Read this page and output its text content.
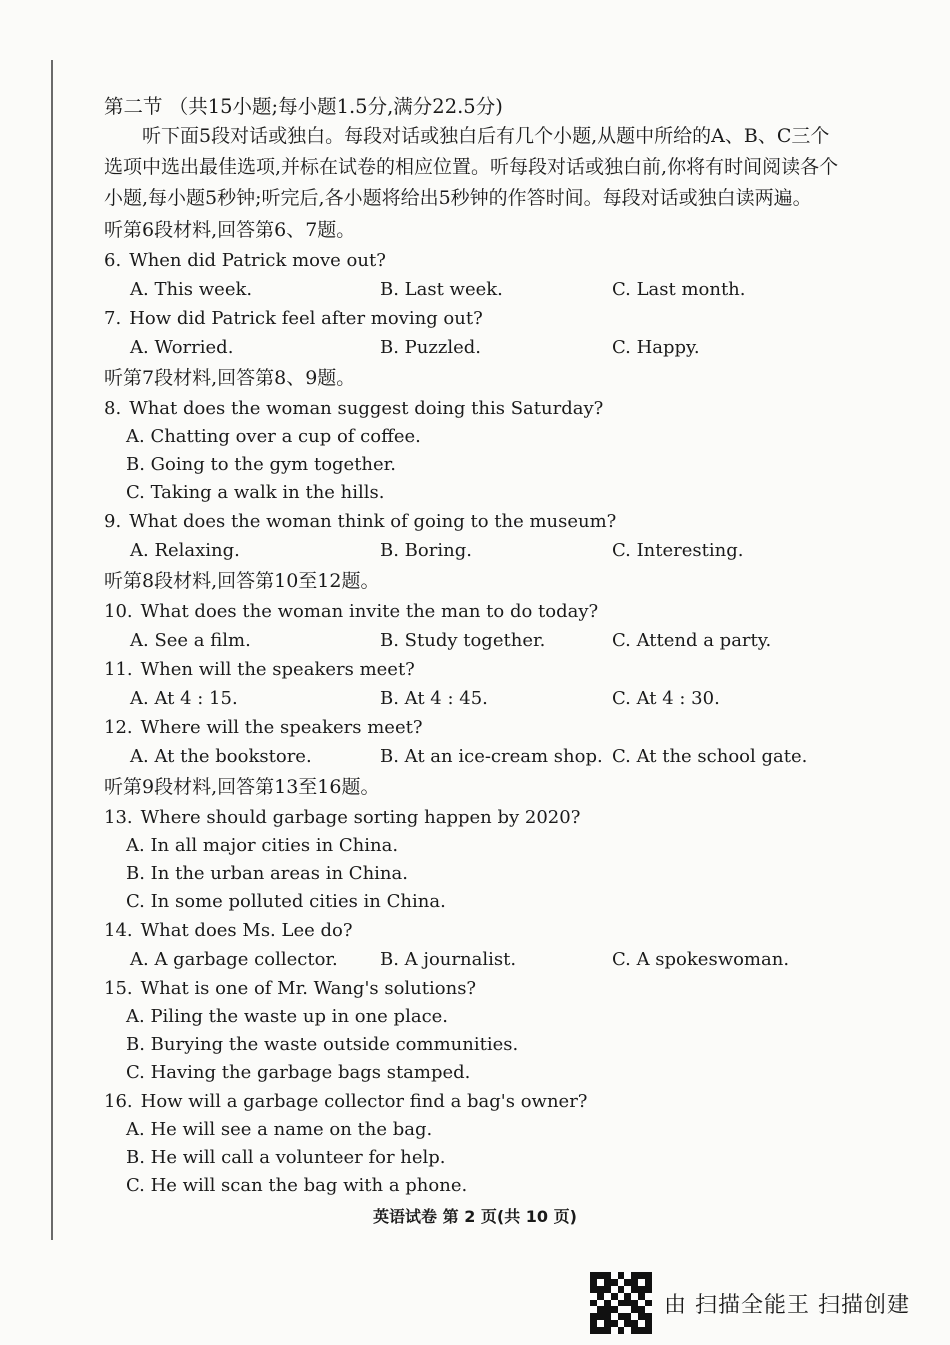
第二节 （共15小题;每小题1.5分,满分22.5分)
听下面5段对话或独白。每段对话或独白后有几个小题,从题中所给的A、B、C三个选项中选出最佳选项,并标在试卷的相应位置。听每段对话或独白前,你将有时间阅读各个小题,每小题5秒钟;听完后,各小题将给出5秒钟的作答时间。每段对话或独白读两遍。
听第6段材料,回答第6、7题。
6. When did Patrick move out?
A. This week.	B. Last week.	C. Last month.
7. How did Patrick feel after moving out?
A. Worried.	B. Puzzled.	C. Happy.
听第7段材料,回答第8、9题。
8. What does the woman suggest doing this Saturday?
A. Chatting over a cup of coffee.
B. Going to the gym together.
C. Taking a walk in the hills.
9. What does the woman think of going to the museum?
A. Relaxing.	B. Boring.	C. Interesting.
听第8段材料,回答第10至12题。
10. What does the woman invite the man to do today?
A. See a film.	B. Study together.	C. Attend a party.
11. When will the speakers meet?
A. At 4 : 15.	B. At 4 : 45.	C. At 4 : 30.
12. Where will the speakers meet?
A. At the bookstore.	B. At an ice-cream shop. C. At the school gate.
听第9段材料,回答第13至16题。
13. Where should garbage sorting happen by 2020?
A. In all major cities in China.
B. In the urban areas in China.
C. In some polluted cities in China.
14. What does Ms. Lee do?
A. A garbage collector.	B. A journalist.	C. A spokeswoman.
15. What is one of Mr. Wang's solutions?
A. Piling the waste up in one place.
B. Burying the waste outside communities.
C. Having the garbage bags stamped.
16. How will a garbage collector find a bag's owner?
A. He will see a name on the bag.
B. He will call a volunteer for help.
C. He will scan the bag with a phone.
英语试卷 第 2 页(共 10 页)
由 扫描全能王 扫描创建
